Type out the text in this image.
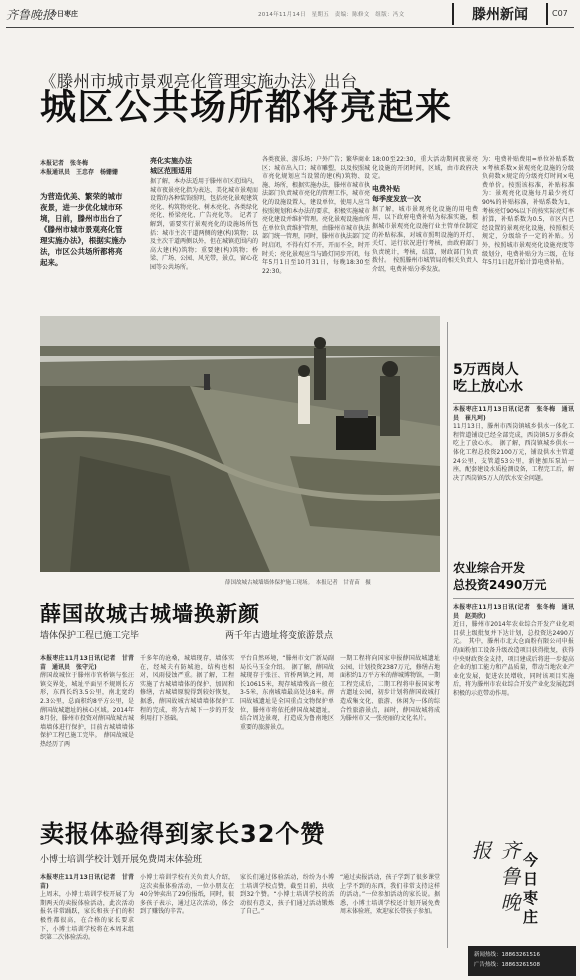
齐鲁晚报
今日枣庄	2014年11月14日　星期五　责编：陈修文　组版：冯文	滕州新闻	C07
《滕州市城市景观亮化管理实施办法》出台
城区公共场所都将亮起来
本报记者　张冬梅
本报通讯员　王忠存　杨姗姗
为营造优美、繁荣的城市夜景，进一步优化城市环境，日前，滕州市出台了《滕州市城市景观亮化管理实施办法》，根据实施办法，市区公共场所都将亮起来。
亮化实施办法
城区范围适用
据了解，本办法适用于滕州市区范围内，城市夜景亮化指为表达、美化城市景观而设置的各种装饰照明，包括亮化景观建筑亮化、构筑物亮化、树木亮化、各类绿化亮化、桥梁亮化、广告亮化等。　记者了解到，需要实行景观亮化的设施场所包括：城市主次干道两侧的建(构)筑物；以及主次干道两侧以外，但在城镇范围内的高大建(构)筑物；重要建(构)筑物；桥梁、广场、公园、风光带，景点，窗心花园等公共场所。
各类夜景、游乐场；户外广告；繁华商业区；城市出入口；城市雕塑，以及按照城市亮化规划应当设置的建(构)筑物、设施、场所，根据实施办法，滕州市城市执法部门负责城市亮化的管理工作，城市亮化的设施设置人，建设单位，使用人应当按照规划和本办法的要求，积极实施城市亮化建设并维护管理。亮化景观设施由所在单位负责维护管理，由滕州市城市执法部门统一管理，同时，滕州市执法部门定时启闭，不得有灯不开，开而不全，时开时关；亮化景观应当与路灯同步开闭，每年5月1日至10月31日，每晚18:30至22:30。
18:00至22:30，重大活动期间夜景亮化设施的开闭时间，区域，由市政府决定。
电费补贴
每季度发放一次
据了解，城市景观亮化设施的用电费用，以下政府电费补贴为标准实施，根据城市景观亮化设施行业主管单位制定的补贴标准，对城市照明设施的开灯、关灯、运行状况进行考核，由政府部门负责统计，考核，结算，财政部门负责拨付。　按照滕州市城管局的相关负责人介绍，电费补贴分季发放。
为：电费补贴费用=单位补贴系数×考核系数×景观亮化设施的分级负荷数×规定的分级亮灯时间×电费单价。按照该标准，补贴标准为：景观亮化设施每月最少亮灯90%的补贴标准，补贴系数为1，考核亮灯90%以下的按实际亮灯率折算，补贴系数为0.5，市区内已经设置的景观亮化设施，按照相关规定，分级给予一定的补贴。另外，按照城市景观亮化设施亮度等级划分，电费补贴分为三级，在每年5月1日起开始计算电费补贴。
薛国故城古城墙墙体保护施工现场。　本报记者　甘青苗　摄
5万西岗人
吃上放心水
本报枣庄11月13日讯(记者　张冬梅　通讯员　崔凡珂)
11月13日，滕州市西岗镇城乡供水一体化工程管道铺设已经全部完成，西岗镇5万多群众吃上了放心水。　据了解，西岗镇城乡供水一体化工程总投资2100万元，铺设供水主管道24公里，支管道53公里，新建加压泵站一座，配套建设水质检测设备，工程完工后，解决了西岗镇5万人的饮水安全问题。
农业综合开发
总投资2490万元
本报枣庄11月13日讯(记者　张冬梅　通讯员　赵美欣)
近日，滕州市2014年农业综合开发产业化项目获上级批复并下达计划，总投资达2490万元。　其中，滕州市北大仓面粉有限公司申报的面粉加工设备升级改造项目获得批复，获得中央财政资金支持，项目建成后将进一步提高企业的加工能力和产品质量，带动当地农业产业化发展，促进农民增收，同时该项目实施后，将为滕州市农业综合开发产业化发展起到积极的示范带动作用。
薛国故城古城墙换新颜
墙体保护工程已施工完毕	两千年古遗址将变旅游景点
本报枣庄11月13日讯(记者　甘青苗　通讯员　张守元)
薛国故城位于滕州市官桥镇与张汪镇交界处，城址平面呈不规则长方形，东西长约3.5公里，南北宽约2.3公里，总面积约8平方公里，是薛国故城遗址的核心区域。2014年8月份，滕州市投资对薛国故城古城墙墙体进行保护，目前古城墙墙体保护工程已施工完毕。　薛国故城是热经历了两
千多年的沧桑，城墙现存，墙体实在，经城夫有防城池，结构也相对，风雨侵蚀严重。据了解，工程实施了古城墙墙体的保护、加固和修缮，古城墙原貌得到较好恢复，据悉，薛国故城古城墙墙体保护工程的完成，将为古城下一步的开发利用打下基础。
平台自然环境，“滕州市文广新局副局长马玉金介绍。　据了解，薛国故城现存于张汪、官桥两镇之间，周长10615米，现存城墙残高一般在3-5米，东南城墙最高处达8米。薛国故城遗址是全国重点文物保护单位，滕州市将依托薛国故城遗址，结合周边景观，打造成为鲁南地区重要的旅游景点。
一期工程将向国家申报薛国故城遗址公园，计划投资2387万元，修缮占地面积约1万平方米的薛城博物馆，一期工程完成后，二期工程将申报国家考古遗址公园，初步计划将薛国故城打造成集文化、旅游、休闲为一体的综合性旅游景点，届时，薛国故城将成为滕州市又一张亮丽的文化名片。
卖报体验得到家长32个赞
小博士培训学校计划开展免费周末体验班
本报枣庄11月13日讯(记者　甘青苗)
上周末，小博士培训学校开展了为期两天的卖报体验活动，此次活动报名非常踊跃，家长和孩子们的积极性都很高，在合格的家长要求下，小博士培训学校将在本周末组织第二次体验活动。
小博士培训学校有关负责人介绍，这次卖报体验活动，一位小朋友在40分钟卖出了29份报纸，同时，很多孩子表示，通过这次活动，体会到了赚钱的辛苦。
家长们通过体验活动，纷纷为小博士培训学校点赞，截至目前，共收到32个赞。“小博士培训学校的活动很有意义，孩子们通过活动锻炼了自己。”
“通过卖报活动，孩子学到了很多课堂上学不到的东西，我们非常支持这样的活动。”一位参加活动的家长说。据悉，小博士培训学校还计划开展免费周末体验班，欢迎家长带孩子参加。	齐鲁晚报	今日枣庄
新闻热线：18863261516
广告热线：18863261508
